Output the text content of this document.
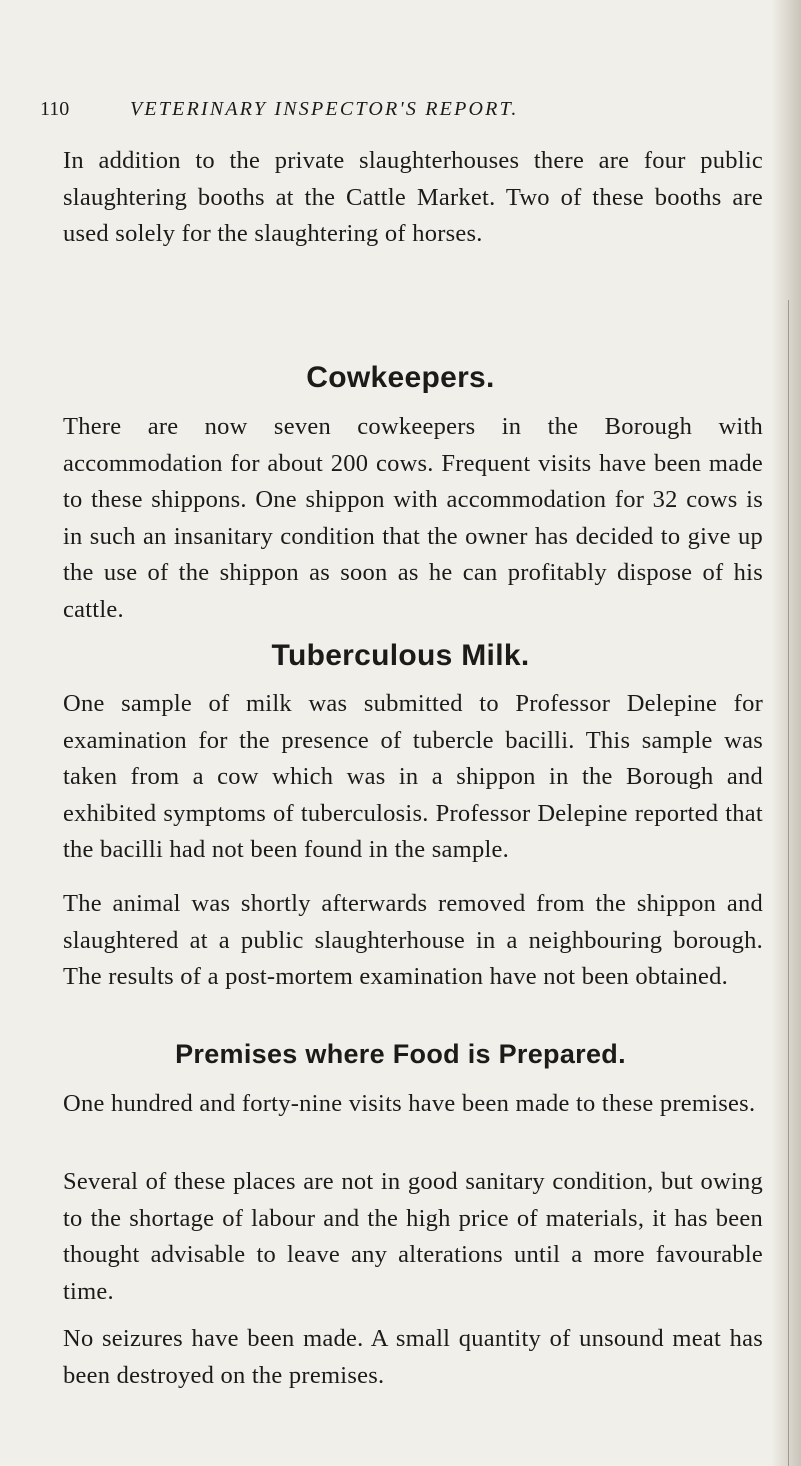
110	VETERINARY INSPECTOR'S REPORT.

In addition to the private slaughterhouses there are four public slaughtering booths at the Cattle Market. Two of these booths are used solely for the slaughtering of horses.

Cowkeepers.

There are now seven cowkeepers in the Borough with accommodation for about 200 cows. Frequent visits have been made to these shippons. One shippon with accommodation for 32 cows is in such an insanitary condition that the owner has decided to give up the use of the shippon as soon as he can profitably dispose of his cattle.

Tuberculous Milk.

One sample of milk was submitted to Professor Delepine for examination for the presence of tubercle bacilli. This sample was taken from a cow which was in a shippon in the Borough and exhibited symptoms of tuberculosis. Professor Delepine reported that the bacilli had not been found in the sample.

The animal was shortly afterwards removed from the shippon and slaughtered at a public slaughterhouse in a neighbouring borough. The results of a post-mortem examination have not been obtained.

Premises where Food is Prepared.

One hundred and forty-nine visits have been made to these premises.

Several of these places are not in good sanitary condition, but owing to the shortage of labour and the high price of materials, it has been thought advisable to leave any alterations until a more favourable time.

No seizures have been made. A small quantity of unsound meat has been destroyed on the premises.
